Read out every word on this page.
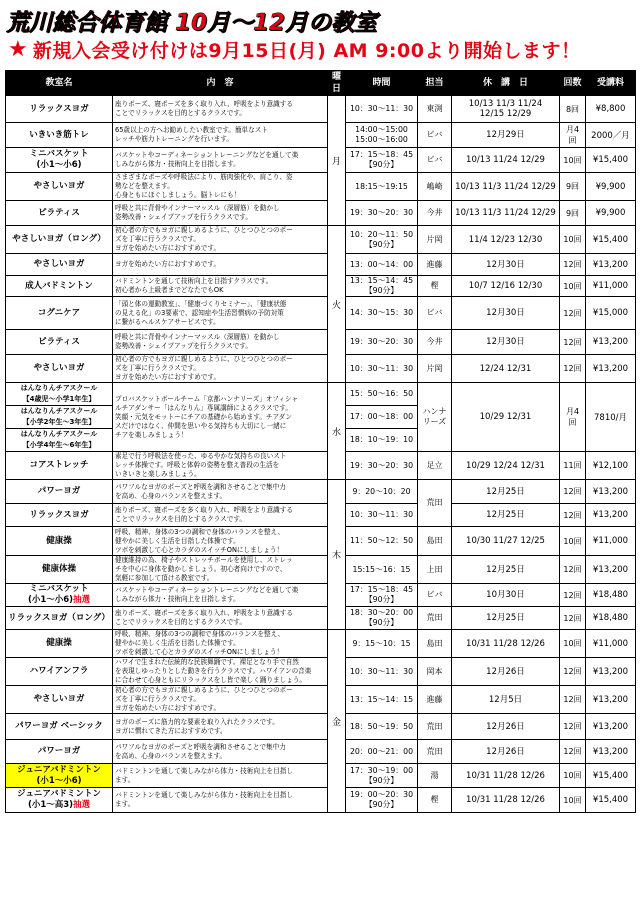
荒川総合体育館 10月～12月の教室
★ 新規入会受け付けは9月15日(月) AM 9:00より開始します！
教室名	内　容	曜日	時間	担当	休　講　日	回数	受講料
リラックスヨガ	座りポーズ、寝ポーズを多く取り入れ、呼吸をより意識する
ことでリラックスを目的とするクラスです。	月	10：30～11：30	東渕	10/13 11/3 11/24
12/15 12/29	8回	¥8,800
いきいき筋トレ	65歳以上の方へお勧めしたい教室です。簡単なスト
レッチや筋力トレーニングを行います。		14:00～15:00
15:00～16:00	ビバ	12月29日	月4回	2000／月
ミニバスケット
(小1～小6)	バスケットやコーディネーショントレーニングなどを通して楽
しみながら体力・技術向上を目指します。		17：15～18：45
【90分】	ビバ	10/13 11/24 12/29	10回	¥15,400
やさしいヨガ	さまざまなポーズや呼吸法により、筋肉強化や、肩こり、姿
勢などを整えます。
心身ともにほぐしましょう。脳トレにも！		18:15～19:15	嶋崎	10/13 11/3 11/24 12/29	9回	¥9,900
ピラティス	呼吸と共に背骨やインナーマッスル（深層筋）を動かし
姿勢改善・シェイプアップを行うクラスです。		19：30～20：30	今井	10/13 11/3 11/24 12/29	9回	¥9,900
やさしいヨガ（ロング）	初心者の方でもヨガに親しめるように、ひとつひとつのポー
ズを丁寧に行うクラスです。
ヨガを始めたい方におすすめです。	火	10：20～11：50
【90分】	片岡	11/4 12/23 12/30	10回	¥15,400
やさしいヨガ	ヨガを始めたい方におすすめです。		13：00～14：00	進藤	12月30日	12回	¥13,200
成人バドミントン	バドミントンを通して技術向上を目指すクラスです。
初心者から上級者までどなたでもOK		13：15～14：45
【90分】	樫	10/7 12/16 12/30	10回	¥11,000
コグニケア	「頭と体の運動教室」、「健康づくりセミナー」、「健康状態
の見える化」の3要素で、認知症や生活習慣病の予防対策
に繋がるヘルスケアサービスです。		14：30～15：30	ビバ	12月30日	12回	¥15,000
ピラティス	呼吸と共に背骨やインナーマッスル（深層筋）を動かし
姿勢改善・シェイプアップを行うクラスです。		19：30～20：30	今井	12月30日	12回	¥13,200
やさしいヨガ	初心者の方でもヨガに親しめるように、ひとつひとつのポー
ズを丁寧に行うクラスです。
ヨガを始めたい方におすすめです。		10：30～11：30	片岡	12/24 12/31	12回	¥13,200
はんなりんチアスクール
【4歳児～小学1年生】	プロバスケットボールチーム「京都ハンナリーズ」オフィシャ
ルチアダンサー「はんなりん」専属講師によるクラスです。
笑顔・元気をモットーにチアの基礎から始めます。チアダン
スだけではなく、仲間を思いやる気持ちも大切にし一緒に
チアを楽しみましょう！	水	15：50～16：50	ハンナ
リーズ	10/29 12/31	月4回	7810/月
はんなりんチアスクール
【小学2年生～3年生】			17：00～18：00				
はんなりんチアスクール
【小学4年生～6年生】			18：10～19：10				
コアストレッチ	素足で行う呼吸法を使った、ゆるやかな気持ちの良いスト
レッチ体操です。呼吸と体幹の姿勢を整え普段の生活を
いきいきと楽しみましょう。		19：30～20：30	足立	10/29 12/24 12/31	11回	¥12,100
パワーヨガ	パワフルなヨガのポーズと呼吸を調和させることで集中力
を高め、心身のバランスを整えます。	木	9：20～10：20	荒田	12月25日	12回	¥13,200
リラックスヨガ	座りポーズ、寝ポーズを多く取り入れ、呼吸をより意識する
ことでリラックスを目的とするクラスです。		10：30～11：30		12月25日	12回	¥13,200
健康操	呼吸、精神、身体の3つの調和で身体のバランスを整え、
健やかに美しく生活を目指した体操です。
ツボを刺激して心とカラダのスイッチONにしましょう！		11：50～12：50	島田	10/30 11/27 12/25	10回	¥11,000
健康体操	健康維持の為、椅子やストレッチボールを使用し、ストレッ
チを中心に身体を動かしましょう。初心者向けですので、
気軽に参加して頂ける教室です。		15:15～16：15	上田	12月25日	12回	¥13,200
ミニバスケット
(小1～小6)抽選	バスケットやコーディネーショントレーニングなどを通して楽
しみながら体力・技術向上を目指します。		17：15～18：45
【90分】	ビバ	10月30日	12回	¥18,480
リラックスヨガ（ロング）	座りポーズ、寝ポーズを多く取り入れ、呼吸をより意識する
ことでリラックスを目的とするクラスです。		18：30～20：00
【90分】	荒田	12月25日	12回	¥18,480
健康操	呼吸、精神、身体の3つの調和で身体のバランスを整え、
健やかに美しく生活を目指した体操です。
ツボを刺激して心とカラダのスイッチONにしましょう！	金	9：15～10：15	島田	10/31 11/28 12/26	10回	¥11,000
ハワイアンフラ	ハワイで生まれた伝統的な民族舞踊です。裸足となり手で自然
を表現しゆったりとした動きを行うクラスです。ハワイアンの音楽
に合わせて心身ともにリラックスをし皆で楽しく踊りましょう。		10：30～11：30	岡本	12月26日	12回	¥13,200
やさしいヨガ	初心者の方でもヨガに親しめるように、ひとつひとつのポー
ズを丁寧に行うクラスです。
ヨガを始めたい方におすすめです。		13：15～14：15	進藤	12月5日	12回	¥13,200
パワーヨガ ベーシック	ヨガのポーズに筋力的な要素を取り入れたクラスです。
ヨガに慣れてきた方におすすめです。		18：50～19：50	荒田	12月26日	12回	¥13,200
パワーヨガ	パワフルなヨガのポーズと呼吸を調和させることで集中力
を高め、心身のバランスを整えます。		20：00～21：00	荒田	12月26日	12回	¥13,200
ジュニアバドミントン
(小1～小6)	バドミントンを通して楽しみながら体力・技術向上を目指し
ます。		17：30～19：00
【90分】	湯	10/31 11/28 12/26	10回	¥15,400
ジュニアバドミントン
(小1～高3)抽選	バドミントンを通して楽しみながら体力・技術向上を目指し
ます。		19：00～20：30
【90分】	樫	10/31 11/28 12/26	10回	¥15,400
